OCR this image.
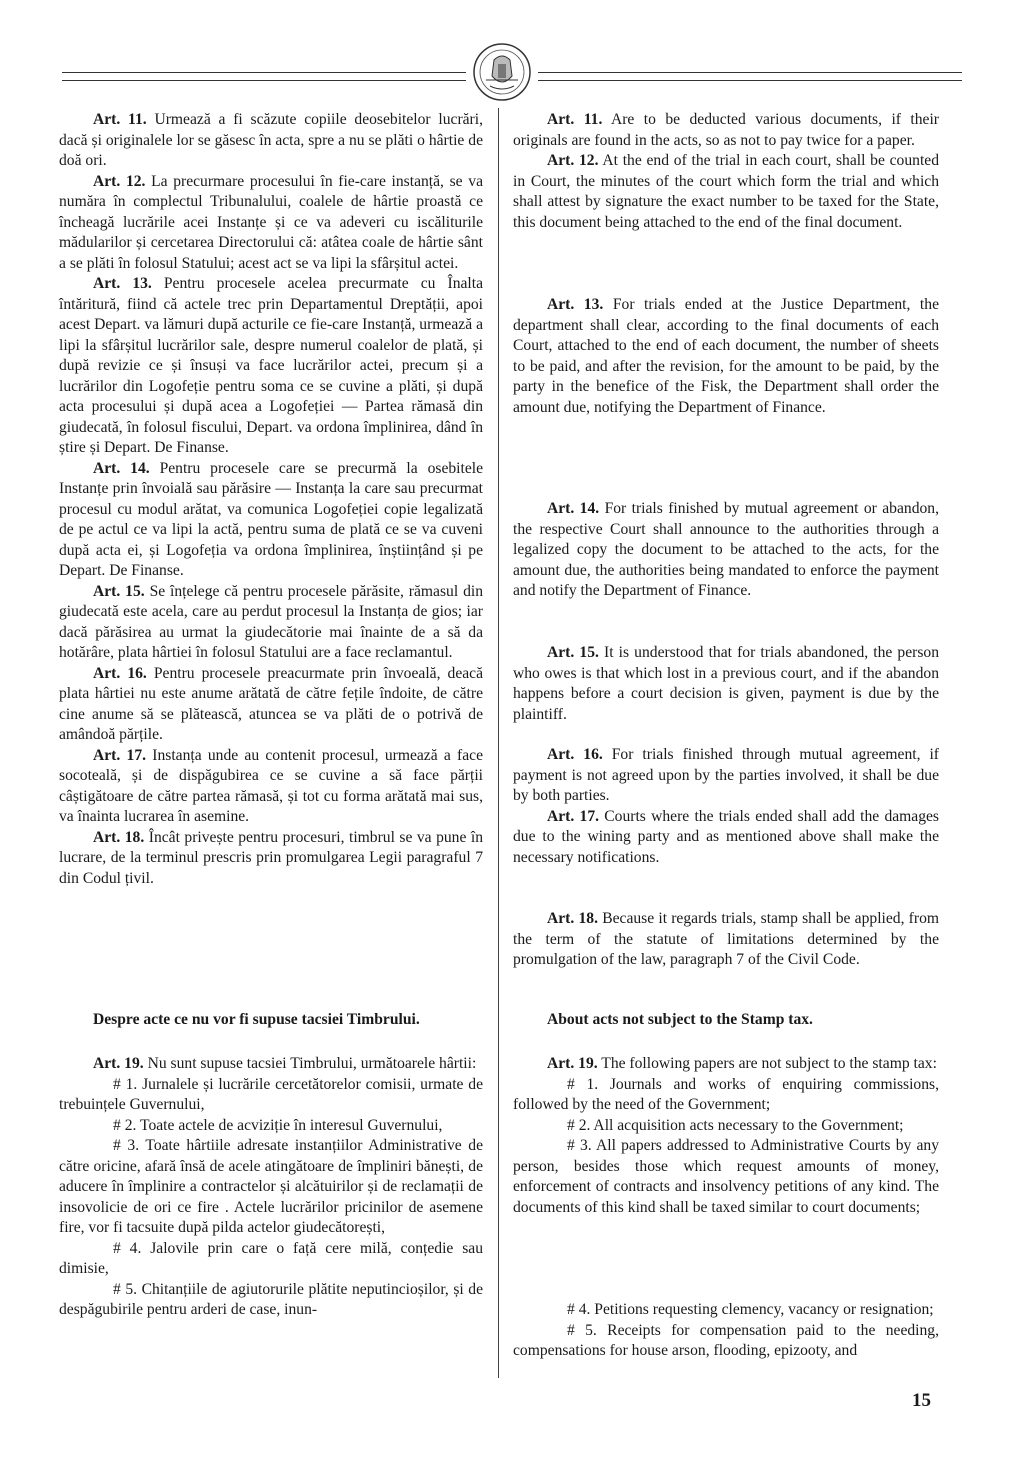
Art. 11. Urmează a fi scăzute copiile deosebitelor lucrări, dacă și originalele lor se găsesc în acta, spre a nu se plăti o hârtie de doă ori.

Art. 12. La precurmare procesului în fie-care instanță, se va număra în complectul Tribunalului, coalele de hârtie proastă ce încheagă lucrările acei Instanțe și ce va adeveri cu iscăliturile mădularilor și cercetarea Directorului că: atâtea coale de hârtie sânt a se plăti în folosul Statului; acest act se va lipi la sfârșitul actei.

Art. 13. Pentru procesele acelea precurmate cu Înalta întăritură, fiind că actele trec prin Departamentul Dreptății, apoi acest Depart. va lămuri după acturile ce fie-care Instanță, urmează a lipi la sfârșitul lucrărilor sale, despre numerul coalelor de plată, și după revizie ce și însuși va face lucrărilor actei, precum și a lucrărilor din Logofeție pentru soma ce se cuvine a plăti, și după acta procesului și după acea a Logofeției — Partea rămasă din giudecată, în folosul fiscului, Depart. va ordona împlinirea, dând în știre și Depart. De Finanse.

Art. 14. Pentru procesele care se precurmă la osebitele Instanțe prin învoială sau părăsire — Instanța la care sau precurmat procesul cu modul arătat, va comunica Logofeției copie legalizată de pe actul ce va lipi la actă, pentru suma de plată ce se va cuveni după acta ei, și Logofeția va ordona împlinirea, înștiințând și pe Depart. De Finanse.

Art. 15. Se înțelege că pentru procesele părăsite, rămasul din giudecată este acela, care au perdut procesul la Instanța de gios; iar dacă părăsirea au urmat la giudecătorie mai înainte de a să da hotărâre, plata hârtiei în folosul Statului are a face reclamantul.

Art. 16. Pentru procesele preacurmate prin învoeală, deacă plata hârtiei nu este anume arătată de către fețile îndoite, de către cine anume să se plătească, atuncea se va plăti de o potrivă de amândoă părțile.

Art. 17. Instanța unde au contenit procesul, urmează a face socoteală, și de dispăgubirea ce se cuvine a să face părții câștigătoare de către partea rămasă, și tot cu forma arătată mai sus, va înainta lucrarea în asemine.

Art. 18. Încât privește pentru procesuri, timbrul se va pune în lucrare, de la terminul prescris prin promulgarea Legii paragraful 7 din Codul țivil.

Despre acte ce nu vor fi supuse tacsiei Timbrului.

Art. 19. Nu sunt supuse tacsiei Timbrului, următoarele hârtii:

# 1. Jurnalele și lucrările cercetătorelor comisii, urmate de trebuințele Guvernului,

# 2. Toate actele de acviziție în interesul Guvernului,

# 3. Toate hârtiile adresate instanțiilor Administrative de către oricine, afară însă de acele atingătoare de împliniri bănești, de aducere în împlinire a contractelor și alcătuirilor și de reclamații de insovolicie de ori ce fire . Actele lucrărilor pricinilor de asemene fire, vor fi tacsuite după pilda actelor giudecătorești,

# 4. Jalovile prin care o față cere milă, conțedie sau dimisie,

# 5. Chitanțiile de agiutorurile plătite neputincioșilor, și de despăgubirile pentru arderi de case, inun-

Art. 11. Are to be deducted various documents, if their originals are found in the acts, so as not to pay twice for a paper.

Art. 12. At the end of the trial in each court, shall be counted in Court, the minutes of the court which form the trial and which shall attest by signature the exact number to be taxed for the State, this document being attached to the end of the final document.

Art. 13. For trials ended at the Justice Department, the department shall clear, according to the final documents of each Court, attached to the end of each document, the number of sheets to be paid, and after the revision, for the amount to be paid, by the party in the benefice of the Fisk, the Department shall order the amount due, notifying the Department of Finance.

Art. 14. For trials finished by mutual agreement or abandon, the respective Court shall announce to the authorities through a legalized copy the document to be attached to the acts, for the amount due, the authorities being mandated to enforce the payment and notify the Department of Finance.

Art. 15. It is understood that for trials abandoned, the person who owes is that which lost in a previous court, and if the abandon happens before a court decision is given, payment is due by the plaintiff.

Art. 16. For trials finished through mutual agreement, if payment is not agreed upon by the parties involved, it shall be due by both parties.

Art. 17. Courts where the trials ended shall add the damages due to the wining party and as mentioned above shall make the necessary notifications.

Art. 18. Because it regards trials, stamp shall be applied, from the term of the statute of limitations determined by the promulgation of the law, paragraph 7 of the Civil Code.

About acts not subject to the Stamp tax.

Art. 19. The following papers are not subject to the stamp tax:

# 1. Journals and works of enquiring commissions, followed by the need of the Government;

# 2. All acquisition acts necessary to the Government;

# 3. All papers addressed to Administrative Courts by any person, besides those which request amounts of money, enforcement of contracts and insolvency petitions of any kind. The documents of this kind shall be taxed similar to court documents;

# 4. Petitions requesting clemency, vacancy or resignation;

# 5. Receipts for compensation paid to the needing, compensations for house arson, flooding, epizooty, and

15
